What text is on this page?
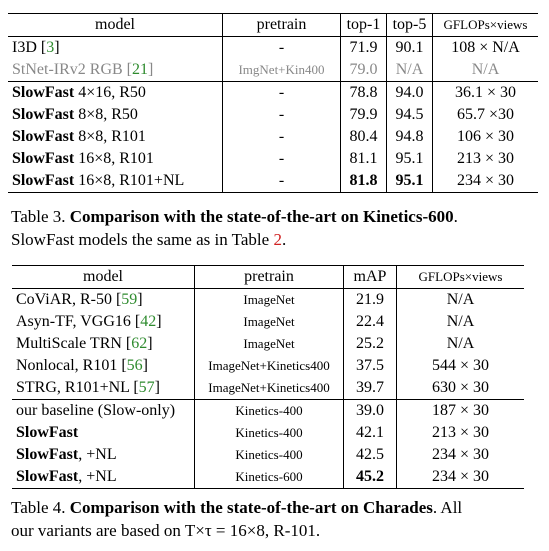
model	pretrain	top-1	top-5	GFLOPs×views
I3D [3]	-	71.9	90.1	108 × N/A
StNet-IRv2 RGB [21]	ImgNet+Kin400	79.0	N/A	N/A
SlowFast 4×16, R50	-	78.8	94.0	36.1 × 30
SlowFast 8×8, R50	-	79.9	94.5	65.7 ×30
SlowFast 8×8, R101	-	80.4	94.8	106 × 30
SlowFast 16×8, R101	-	81.1	95.1	213 × 30
SlowFast 16×8, R101+NL	-	81.8	95.1	234 × 30
Table 3. Comparison with the state-of-the-art on Kinetics-600.
SlowFast models the same as in Table 2.
model	pretrain	mAP	GFLOPs×views
CoViAR, R-50 [59]	ImageNet	21.9	N/A
Asyn-TF, VGG16 [42]	ImageNet	22.4	N/A
MultiScale TRN [62]	ImageNet	25.2	N/A
Nonlocal, R101 [56]	ImageNet+Kinetics400	37.5	544 × 30
STRG, R101+NL [57]	ImageNet+Kinetics400	39.7	630 × 30
our baseline (Slow-only)	Kinetics-400	39.0	187 × 30
SlowFast	Kinetics-400	42.1	213 × 30
SlowFast, +NL	Kinetics-400	42.5	234 × 30
SlowFast, +NL	Kinetics-600	45.2	234 × 30
Table 4. Comparison with the state-of-the-art on Charades. All
our variants are based on T×τ = 16×8, R-101.
